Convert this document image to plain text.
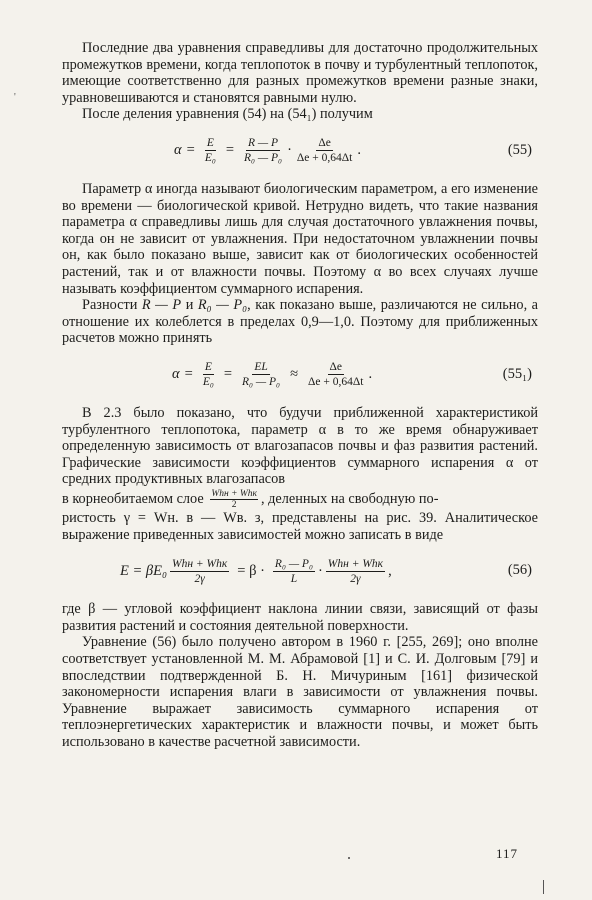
'

Последние два уравнения справедливы для достаточно продолжительных промежутков времени, когда теплопоток в почву и турбулентный теплопоток, имеющие соответственно для разных промежутков времени разные знаки, уравновешиваются и становятся равными нулю.

После деления уравнения (54) на (54₁) получим

$\alpha = \frac{E}{\text{E₀}} = \frac{R — P}{\text{R₀ — P₀}} \cdot \frac{\Delta e}{\Delta e + 0,64\Delta t}$ .	(55)

Параметр α иногда называют биологическим параметром, а его изменение во времени — биологической кривой. Нетрудно видеть, что такие названия параметра α справедливы лишь для случая достаточного увлажнения почвы, когда он не зависит от увлажнения. При недостаточном увлажнении почвы он, как было показано выше, зависит как от биологических особенностей растений, так и от влажности почвы. Поэтому α во всех случаях лучше называть коэффициентом суммарного испарения.

Разности R — P и R₀ — P₀, как показано выше, различаются не сильно, а отношение их колеблется в пределах 0,9—1,0. Поэтому для приближенных расчетов можно принять

$\alpha = \frac{E}{\text{E₀}} = \frac{EL}{\text{R₀ — P₀}} \approx \frac{\Delta e}{\Delta e + 0,64\Delta t}$ .	(55₁)

В 2.3 было показано, что будучи приближенной характеристикой турбулентного теплопотока, параметр α в то же время обнаруживает определенную зависимость от влагозапасов почвы и фаз развития растений. Графические зависимости коэффициентов суммарного испарения α от средних продуктивных влагозапасов

в корнеобитаемом слое $\frac{\text{Whн + Whк}}{2}$ , деленных на свободную по-

ристость γ = Wн. в — Wв. з, представлены на рис. 39. Аналитическое выражение приведенных зависимостей можно записать в виде

$E = \beta E_0 \frac{\text{Whн + Whк}}{2\gamma} = \beta \cdot \frac{\text{R₀ — P₀}}{L} \cdot \frac{\text{Whн + Whк}}{2\gamma}$ ,	(56)

где β — угловой коэффициент наклона линии связи, зависящий от фазы развития растений и состояния деятельной поверхности.

Уравнение (56) было получено автором в 1960 г. [255, 269]; оно вполне соответствует установленной М. М. Абрамовой [1] и С. И. Долговым [79] и впоследствии подтвержденной Б. Н. Мичуриным [161] физической закономерности испарения влаги в зависимости от увлажнения почвы. Уравнение выражает зависимость суммарного испарения от теплоэнергетических характеристик и влажности почвы, и может быть использовано в качестве расчетной зависимости.

117
